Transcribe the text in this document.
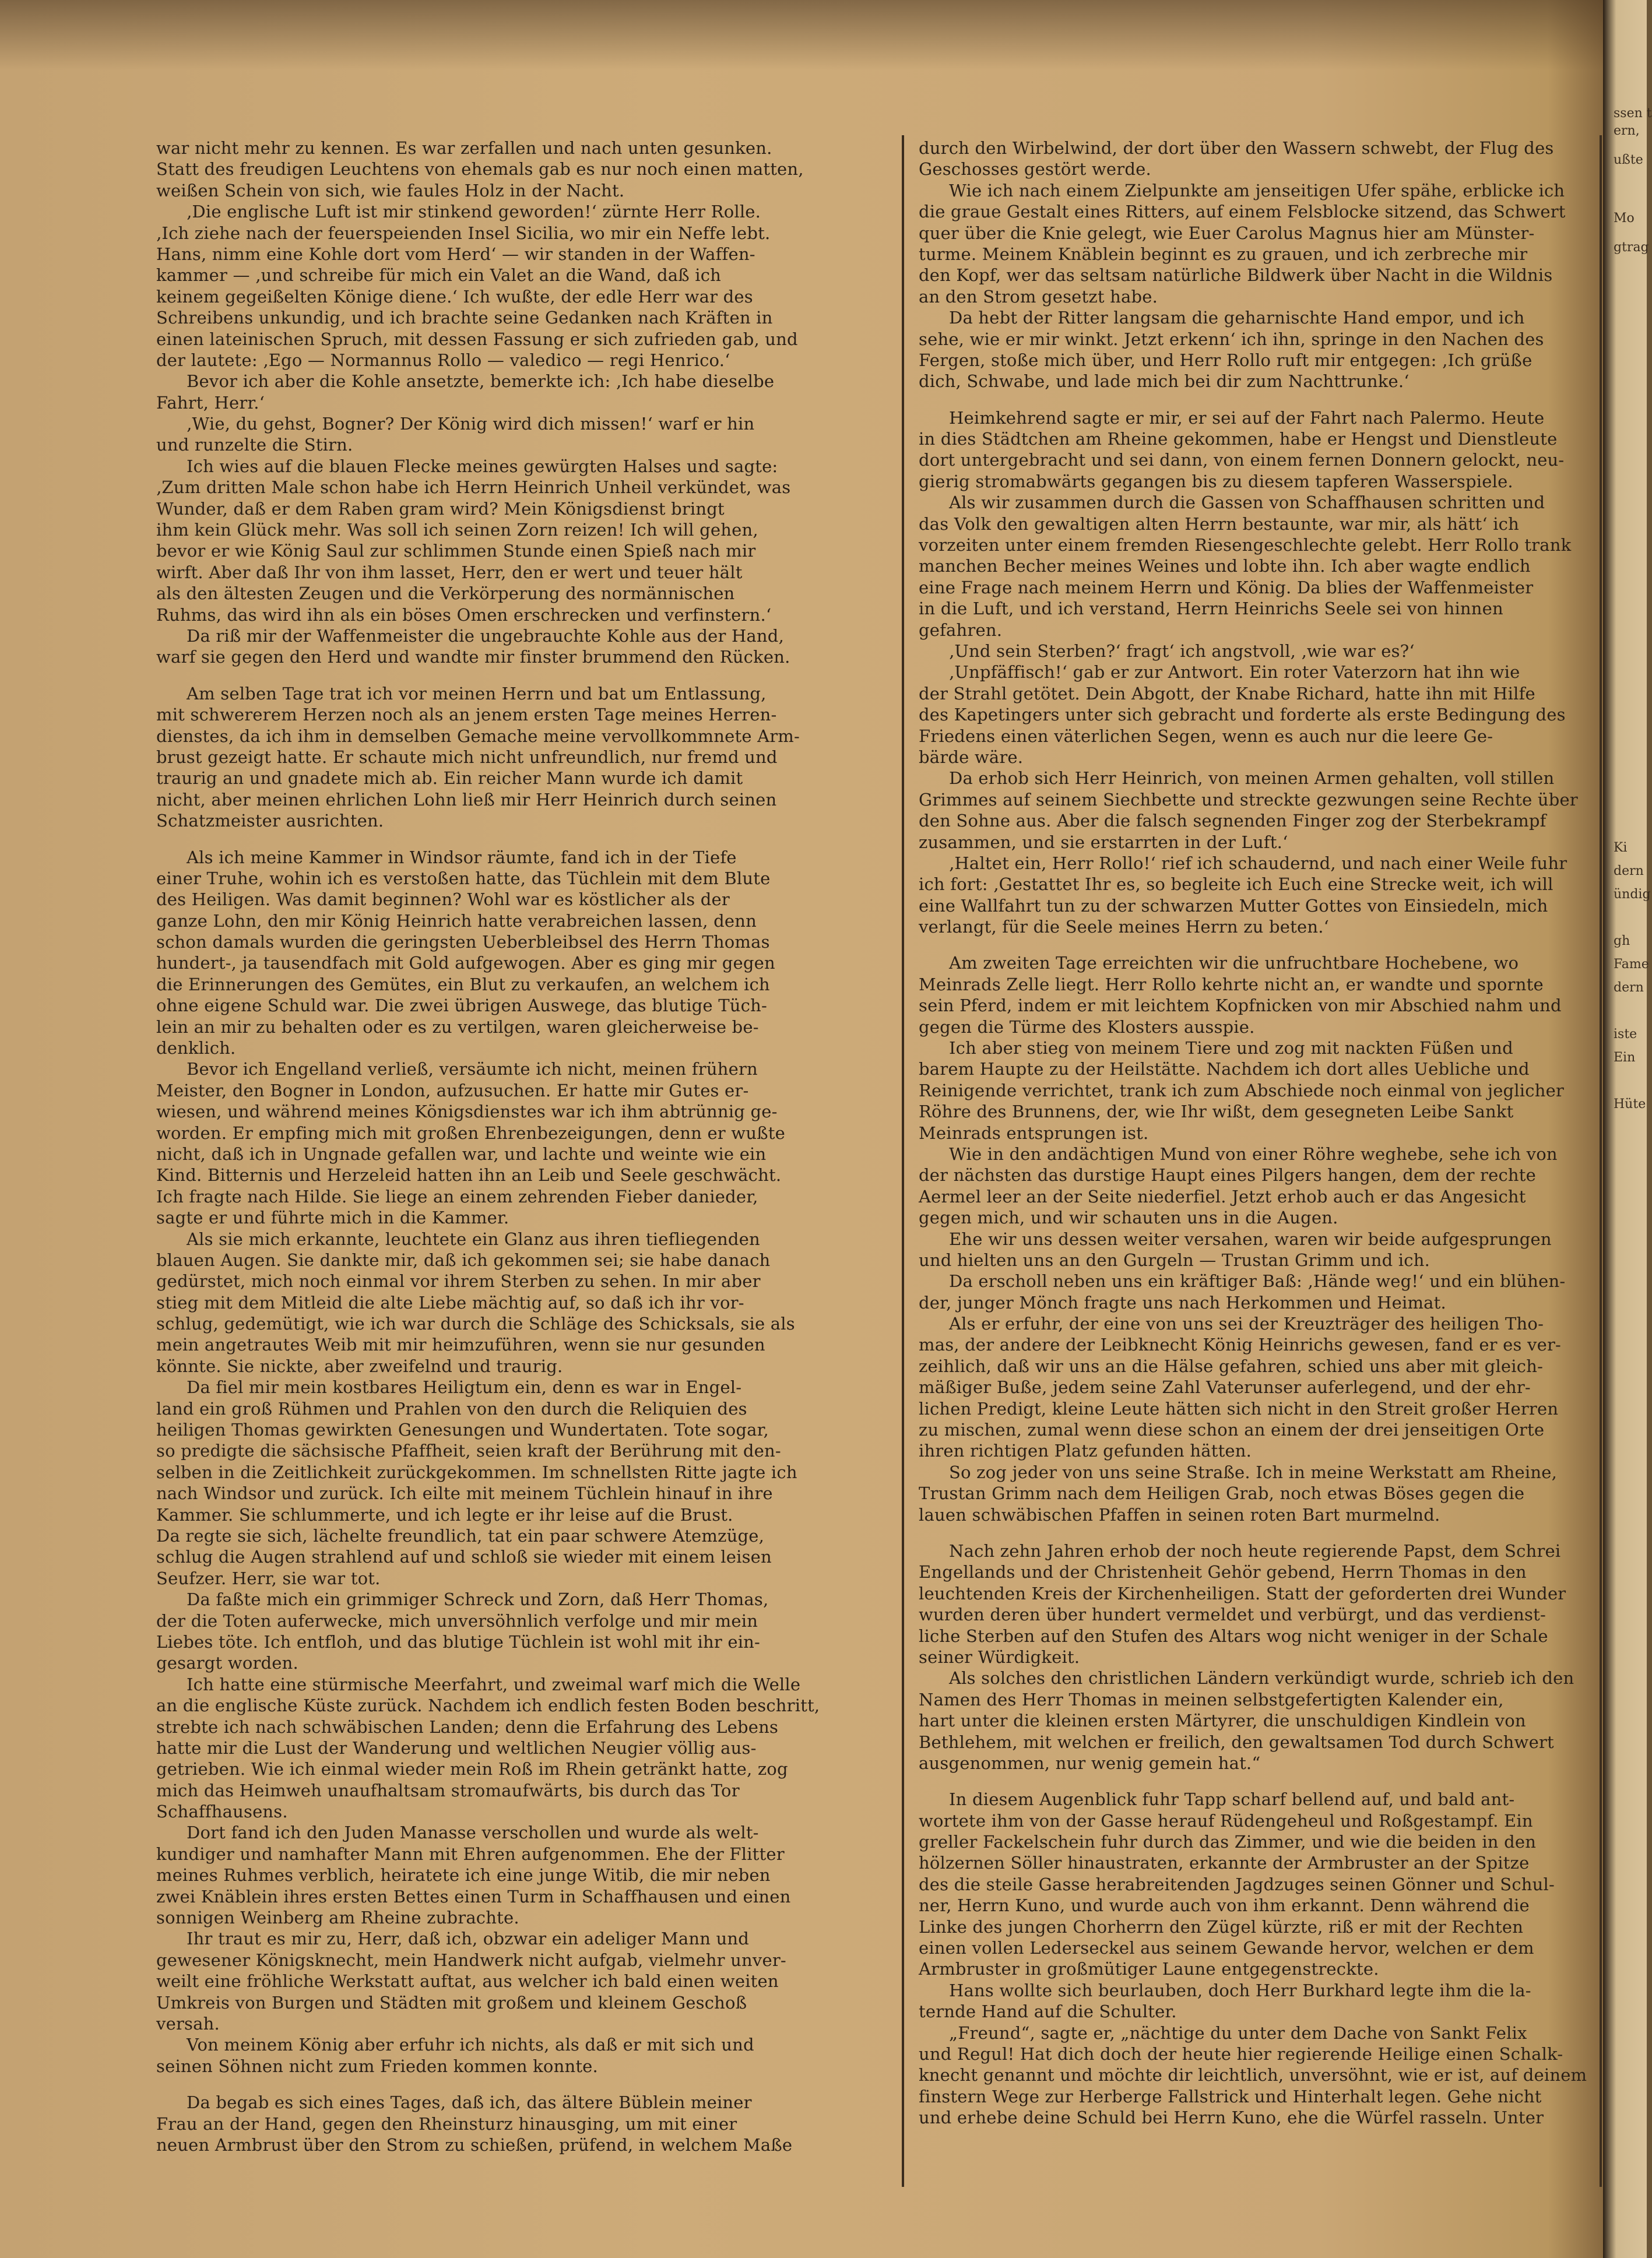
war nicht mehr zu kennen. Es war zerfallen und nach unten gesunken.
Statt des freudigen Leuchtens von ehemals gab es nur noch einen matten,
weißen Schein von sich, wie faules Holz in der Nacht.
‚Die englische Luft ist mir stinkend geworden!‘ zürnte Herr Rolle.
‚Ich ziehe nach der feuerspeienden Insel Sicilia, wo mir ein Neffe lebt.
Hans, nimm eine Kohle dort vom Herd‘ — wir standen in der Waffen-
kammer — ‚und schreibe für mich ein Valet an die Wand, daß ich
keinem gegeißelten Könige diene.‘ Ich wußte, der edle Herr war des
Schreibens unkundig, und ich brachte seine Gedanken nach Kräften in
einen lateinischen Spruch, mit dessen Fassung er sich zufrieden gab, und
der lautete: ‚Ego — Normannus Rollo — valedico — regi Henrico.‘
Bevor ich aber die Kohle ansetzte, bemerkte ich: ‚Ich habe dieselbe
Fahrt, Herr.‘
‚Wie, du gehst, Bogner? Der König wird dich missen!‘ warf er hin
und runzelte die Stirn.
Ich wies auf die blauen Flecke meines gewürgten Halses und sagte:
‚Zum dritten Male schon habe ich Herrn Heinrich Unheil verkündet, was
Wunder, daß er dem Raben gram wird? Mein Königsdienst bringt
ihm kein Glück mehr. Was soll ich seinen Zorn reizen! Ich will gehen,
bevor er wie König Saul zur schlimmen Stunde einen Spieß nach mir
wirft. Aber daß Ihr von ihm lasset, Herr, den er wert und teuer hält
als den ältesten Zeugen und die Verkörperung des normännischen
Ruhms, das wird ihn als ein böses Omen erschrecken und verfinstern.‘
Da riß mir der Waffenmeister die ungebrauchte Kohle aus der Hand,
warf sie gegen den Herd und wandte mir finster brummend den Rücken.
Am selben Tage trat ich vor meinen Herrn und bat um Entlassung,
mit schwererem Herzen noch als an jenem ersten Tage meines Herren-
dienstes, da ich ihm in demselben Gemache meine vervollkommnete Arm-
brust gezeigt hatte. Er schaute mich nicht unfreundlich, nur fremd und
traurig an und gnadete mich ab. Ein reicher Mann wurde ich damit
nicht, aber meinen ehrlichen Lohn ließ mir Herr Heinrich durch seinen
Schatzmeister ausrichten.
Als ich meine Kammer in Windsor räumte, fand ich in der Tiefe
einer Truhe, wohin ich es verstoßen hatte, das Tüchlein mit dem Blute
des Heiligen. Was damit beginnen? Wohl war es köstlicher als der
ganze Lohn, den mir König Heinrich hatte verabreichen lassen, denn
schon damals wurden die geringsten Ueberbleibsel des Herrn Thomas
hundert-, ja tausendfach mit Gold aufgewogen. Aber es ging mir gegen
die Erinnerungen des Gemütes, ein Blut zu verkaufen, an welchem ich
ohne eigene Schuld war. Die zwei übrigen Auswege, das blutige Tüch-
lein an mir zu behalten oder es zu vertilgen, waren gleicherweise be-
denklich.
Bevor ich Engelland verließ, versäumte ich nicht, meinen frühern
Meister, den Bogner in London, aufzusuchen. Er hatte mir Gutes er-
wiesen, und während meines Königsdienstes war ich ihm abtrünnig ge-
worden. Er empfing mich mit großen Ehrenbezeigungen, denn er wußte
nicht, daß ich in Ungnade gefallen war, und lachte und weinte wie ein
Kind. Bitternis und Herzeleid hatten ihn an Leib und Seele geschwächt.
Ich fragte nach Hilde. Sie liege an einem zehrenden Fieber danieder,
sagte er und führte mich in die Kammer.
Als sie mich erkannte, leuchtete ein Glanz aus ihren tiefliegenden
blauen Augen. Sie dankte mir, daß ich gekommen sei; sie habe danach
gedürstet, mich noch einmal vor ihrem Sterben zu sehen. In mir aber
stieg mit dem Mitleid die alte Liebe mächtig auf, so daß ich ihr vor-
schlug, gedemütigt, wie ich war durch die Schläge des Schicksals, sie als
mein angetrautes Weib mit mir heimzuführen, wenn sie nur gesunden
könnte. Sie nickte, aber zweifelnd und traurig.
Da fiel mir mein kostbares Heiligtum ein, denn es war in Engel-
land ein groß Rühmen und Prahlen von den durch die Reliquien des
heiligen Thomas gewirkten Genesungen und Wundertaten. Tote sogar,
so predigte die sächsische Pfaffheit, seien kraft der Berührung mit den-
selben in die Zeitlichkeit zurückgekommen. Im schnellsten Ritte jagte ich
nach Windsor und zurück. Ich eilte mit meinem Tüchlein hinauf in ihre
Kammer. Sie schlummerte, und ich legte er ihr leise auf die Brust.
Da regte sie sich, lächelte freundlich, tat ein paar schwere Atemzüge,
schlug die Augen strahlend auf und schloß sie wieder mit einem leisen
Seufzer. Herr, sie war tot.
Da faßte mich ein grimmiger Schreck und Zorn, daß Herr Thomas,
der die Toten auferwecke, mich unversöhnlich verfolge und mir mein
Liebes töte. Ich entfloh, und das blutige Tüchlein ist wohl mit ihr ein-
gesargt worden.
Ich hatte eine stürmische Meerfahrt, und zweimal warf mich die Welle
an die englische Küste zurück. Nachdem ich endlich festen Boden beschritt,
strebte ich nach schwäbischen Landen; denn die Erfahrung des Lebens
hatte mir die Lust der Wanderung und weltlichen Neugier völlig aus-
getrieben. Wie ich einmal wieder mein Roß im Rhein getränkt hatte, zog
mich das Heimweh unaufhaltsam stromaufwärts, bis durch das Tor
Schaffhausens.
Dort fand ich den Juden Manasse verschollen und wurde als welt-
kundiger und namhafter Mann mit Ehren aufgenommen. Ehe der Flitter
meines Ruhmes verblich, heiratete ich eine junge Witib, die mir neben
zwei Knäblein ihres ersten Bettes einen Turm in Schaffhausen und einen
sonnigen Weinberg am Rheine zubrachte.
Ihr traut es mir zu, Herr, daß ich, obzwar ein adeliger Mann und
gewesener Königsknecht, mein Handwerk nicht aufgab, vielmehr unver-
weilt eine fröhliche Werkstatt auftat, aus welcher ich bald einen weiten
Umkreis von Burgen und Städten mit großem und kleinem Geschoß
versah.
Von meinem König aber erfuhr ich nichts, als daß er mit sich und
seinen Söhnen nicht zum Frieden kommen konnte.
Da begab es sich eines Tages, daß ich, das ältere Büblein meiner
Frau an der Hand, gegen den Rheinsturz hinausging, um mit einer
neuen Armbrust über den Strom zu schießen, prüfend, in welchem Maße
durch den Wirbelwind, der dort über den Wassern schwebt, der Flug des
Geschosses gestört werde.
Wie ich nach einem Zielpunkte am jenseitigen Ufer spähe, erblicke ich
die graue Gestalt eines Ritters, auf einem Felsblocke sitzend, das Schwert
quer über die Knie gelegt, wie Euer Carolus Magnus hier am Münster-
turme. Meinem Knäblein beginnt es zu grauen, und ich zerbreche mir
den Kopf, wer das seltsam natürliche Bildwerk über Nacht in die Wildnis
an den Strom gesetzt habe.
Da hebt der Ritter langsam die geharnischte Hand empor, und ich
sehe, wie er mir winkt. Jetzt erkenn‘ ich ihn, springe in den Nachen des
Fergen, stoße mich über, und Herr Rollo ruft mir entgegen: ‚Ich grüße
dich, Schwabe, und lade mich bei dir zum Nachttrunke.‘
Heimkehrend sagte er mir, er sei auf der Fahrt nach Palermo. Heute
in dies Städtchen am Rheine gekommen, habe er Hengst und Dienstleute
dort untergebracht und sei dann, von einem fernen Donnern gelockt, neu-
gierig stromabwärts gegangen bis zu diesem tapferen Wasserspiele.
Als wir zusammen durch die Gassen von Schaffhausen schritten und
das Volk den gewaltigen alten Herrn bestaunte, war mir, als hätt‘ ich
vorzeiten unter einem fremden Riesengeschlechte gelebt. Herr Rollo trank
manchen Becher meines Weines und lobte ihn. Ich aber wagte endlich
eine Frage nach meinem Herrn und König. Da blies der Waffenmeister
in die Luft, und ich verstand, Herrn Heinrichs Seele sei von hinnen
gefahren.
‚Und sein Sterben?‘ fragt‘ ich angstvoll, ‚wie war es?‘
‚Unpfäffisch!‘ gab er zur Antwort. Ein roter Vaterzorn hat ihn wie
der Strahl getötet. Dein Abgott, der Knabe Richard, hatte ihn mit Hilfe
des Kapetingers unter sich gebracht und forderte als erste Bedingung des
Friedens einen väterlichen Segen, wenn es auch nur die leere Ge-
bärde wäre.
Da erhob sich Herr Heinrich, von meinen Armen gehalten, voll stillen
Grimmes auf seinem Siechbette und streckte gezwungen seine Rechte über
den Sohne aus. Aber die falsch segnenden Finger zog der Sterbekrampf
zusammen, und sie erstarrten in der Luft.‘
‚Haltet ein, Herr Rollo!‘ rief ich schaudernd, und nach einer Weile fuhr
ich fort: ‚Gestattet Ihr es, so begleite ich Euch eine Strecke weit, ich will
eine Wallfahrt tun zu der schwarzen Mutter Gottes von Einsiedeln, mich
verlangt, für die Seele meines Herrn zu beten.‘
Am zweiten Tage erreichten wir die unfruchtbare Hochebene, wo
Meinrads Zelle liegt. Herr Rollo kehrte nicht an, er wandte und spornte
sein Pferd, indem er mit leichtem Kopfnicken von mir Abschied nahm und
gegen die Türme des Klosters ausspie.
Ich aber stieg von meinem Tiere und zog mit nackten Füßen und
barem Haupte zu der Heilstätte. Nachdem ich dort alles Uebliche und
Reinigende verrichtet, trank ich zum Abschiede noch einmal von jeglicher
Röhre des Brunnens, der, wie Ihr wißt, dem gesegneten Leibe Sankt
Meinrads entsprungen ist.
Wie in den andächtigen Mund von einer Röhre weghebe, sehe ich von
der nächsten das durstige Haupt eines Pilgers hangen, dem der rechte
Aermel leer an der Seite niederfiel. Jetzt erhob auch er das Angesicht
gegen mich, und wir schauten uns in die Augen.
Ehe wir uns dessen weiter versahen, waren wir beide aufgesprungen
und hielten uns an den Gurgeln — Trustan Grimm und ich.
Da erscholl neben uns ein kräftiger Baß: ‚Hände weg!‘ und ein blühen-
der, junger Mönch fragte uns nach Herkommen und Heimat.
Als er erfuhr, der eine von uns sei der Kreuzträger des heiligen Tho-
mas, der andere der Leibknecht König Heinrichs gewesen, fand er es ver-
zeihlich, daß wir uns an die Hälse gefahren, schied uns aber mit gleich-
mäßiger Buße, jedem seine Zahl Vaterunser auferlegend, und der ehr-
lichen Predigt, kleine Leute hätten sich nicht in den Streit großer Herren
zu mischen, zumal wenn diese schon an einem der drei jenseitigen Orte
ihren richtigen Platz gefunden hätten.
So zog jeder von uns seine Straße. Ich in meine Werkstatt am Rheine,
Trustan Grimm nach dem Heiligen Grab, noch etwas Böses gegen die
lauen schwäbischen Pfaffen in seinen roten Bart murmelnd.
Nach zehn Jahren erhob der noch heute regierende Papst, dem Schrei
Engellands und der Christenheit Gehör gebend, Herrn Thomas in den
leuchtenden Kreis der Kirchenheiligen. Statt der geforderten drei Wunder
wurden deren über hundert vermeldet und verbürgt, und das verdienst-
liche Sterben auf den Stufen des Altars wog nicht weniger in der Schale
seiner Würdigkeit.
Als solches den christlichen Ländern verkündigt wurde, schrieb ich den
Namen des Herr Thomas in meinen selbstgefertigten Kalender ein,
hart unter die kleinen ersten Märtyrer, die unschuldigen Kindlein von
Bethlehem, mit welchen er freilich, den gewaltsamen Tod durch Schwert
ausgenommen, nur wenig gemein hat.“
In diesem Augenblick fuhr Tapp scharf bellend auf, und bald ant-
wortete ihm von der Gasse herauf Rüdengeheul und Roßgestampf. Ein
greller Fackelschein fuhr durch das Zimmer, und wie die beiden in den
hölzernen Söller hinaustraten, erkannte der Armbruster an der Spitze
des die steile Gasse herabreitenden Jagdzuges seinen Gönner und Schul-
ner, Herrn Kuno, und wurde auch von ihm erkannt. Denn während die
Linke des jungen Chorherrn den Zügel kürzte, riß er mit der Rechten
einen vollen Lederseckel aus seinem Gewande hervor, welchen er dem
Armbruster in großmütiger Laune entgegenstreckte.
Hans wollte sich beurlauben, doch Herr Burkhard legte ihm die la-
ternde Hand auf die Schulter.
„Freund“, sagte er, „nächtige du unter dem Dache von Sankt Felix
und Regul! Hat dich doch der heute hier regierende Heilige einen Schalk-
knecht genannt und möchte dir leichtlich, unversöhnt, wie er ist, auf deinem
finstern Wege zur Herberge Fallstrick und Hinterhalt legen. Gehe nicht
und erhebe deine Schuld bei Herrn Kuno, ehe die Würfel rasseln. Unter
ssen t
ern,
ußte
Mo
gtrag
Ki
dern
ündig
gh
Fame
dern
iste
Ein
Hüte
